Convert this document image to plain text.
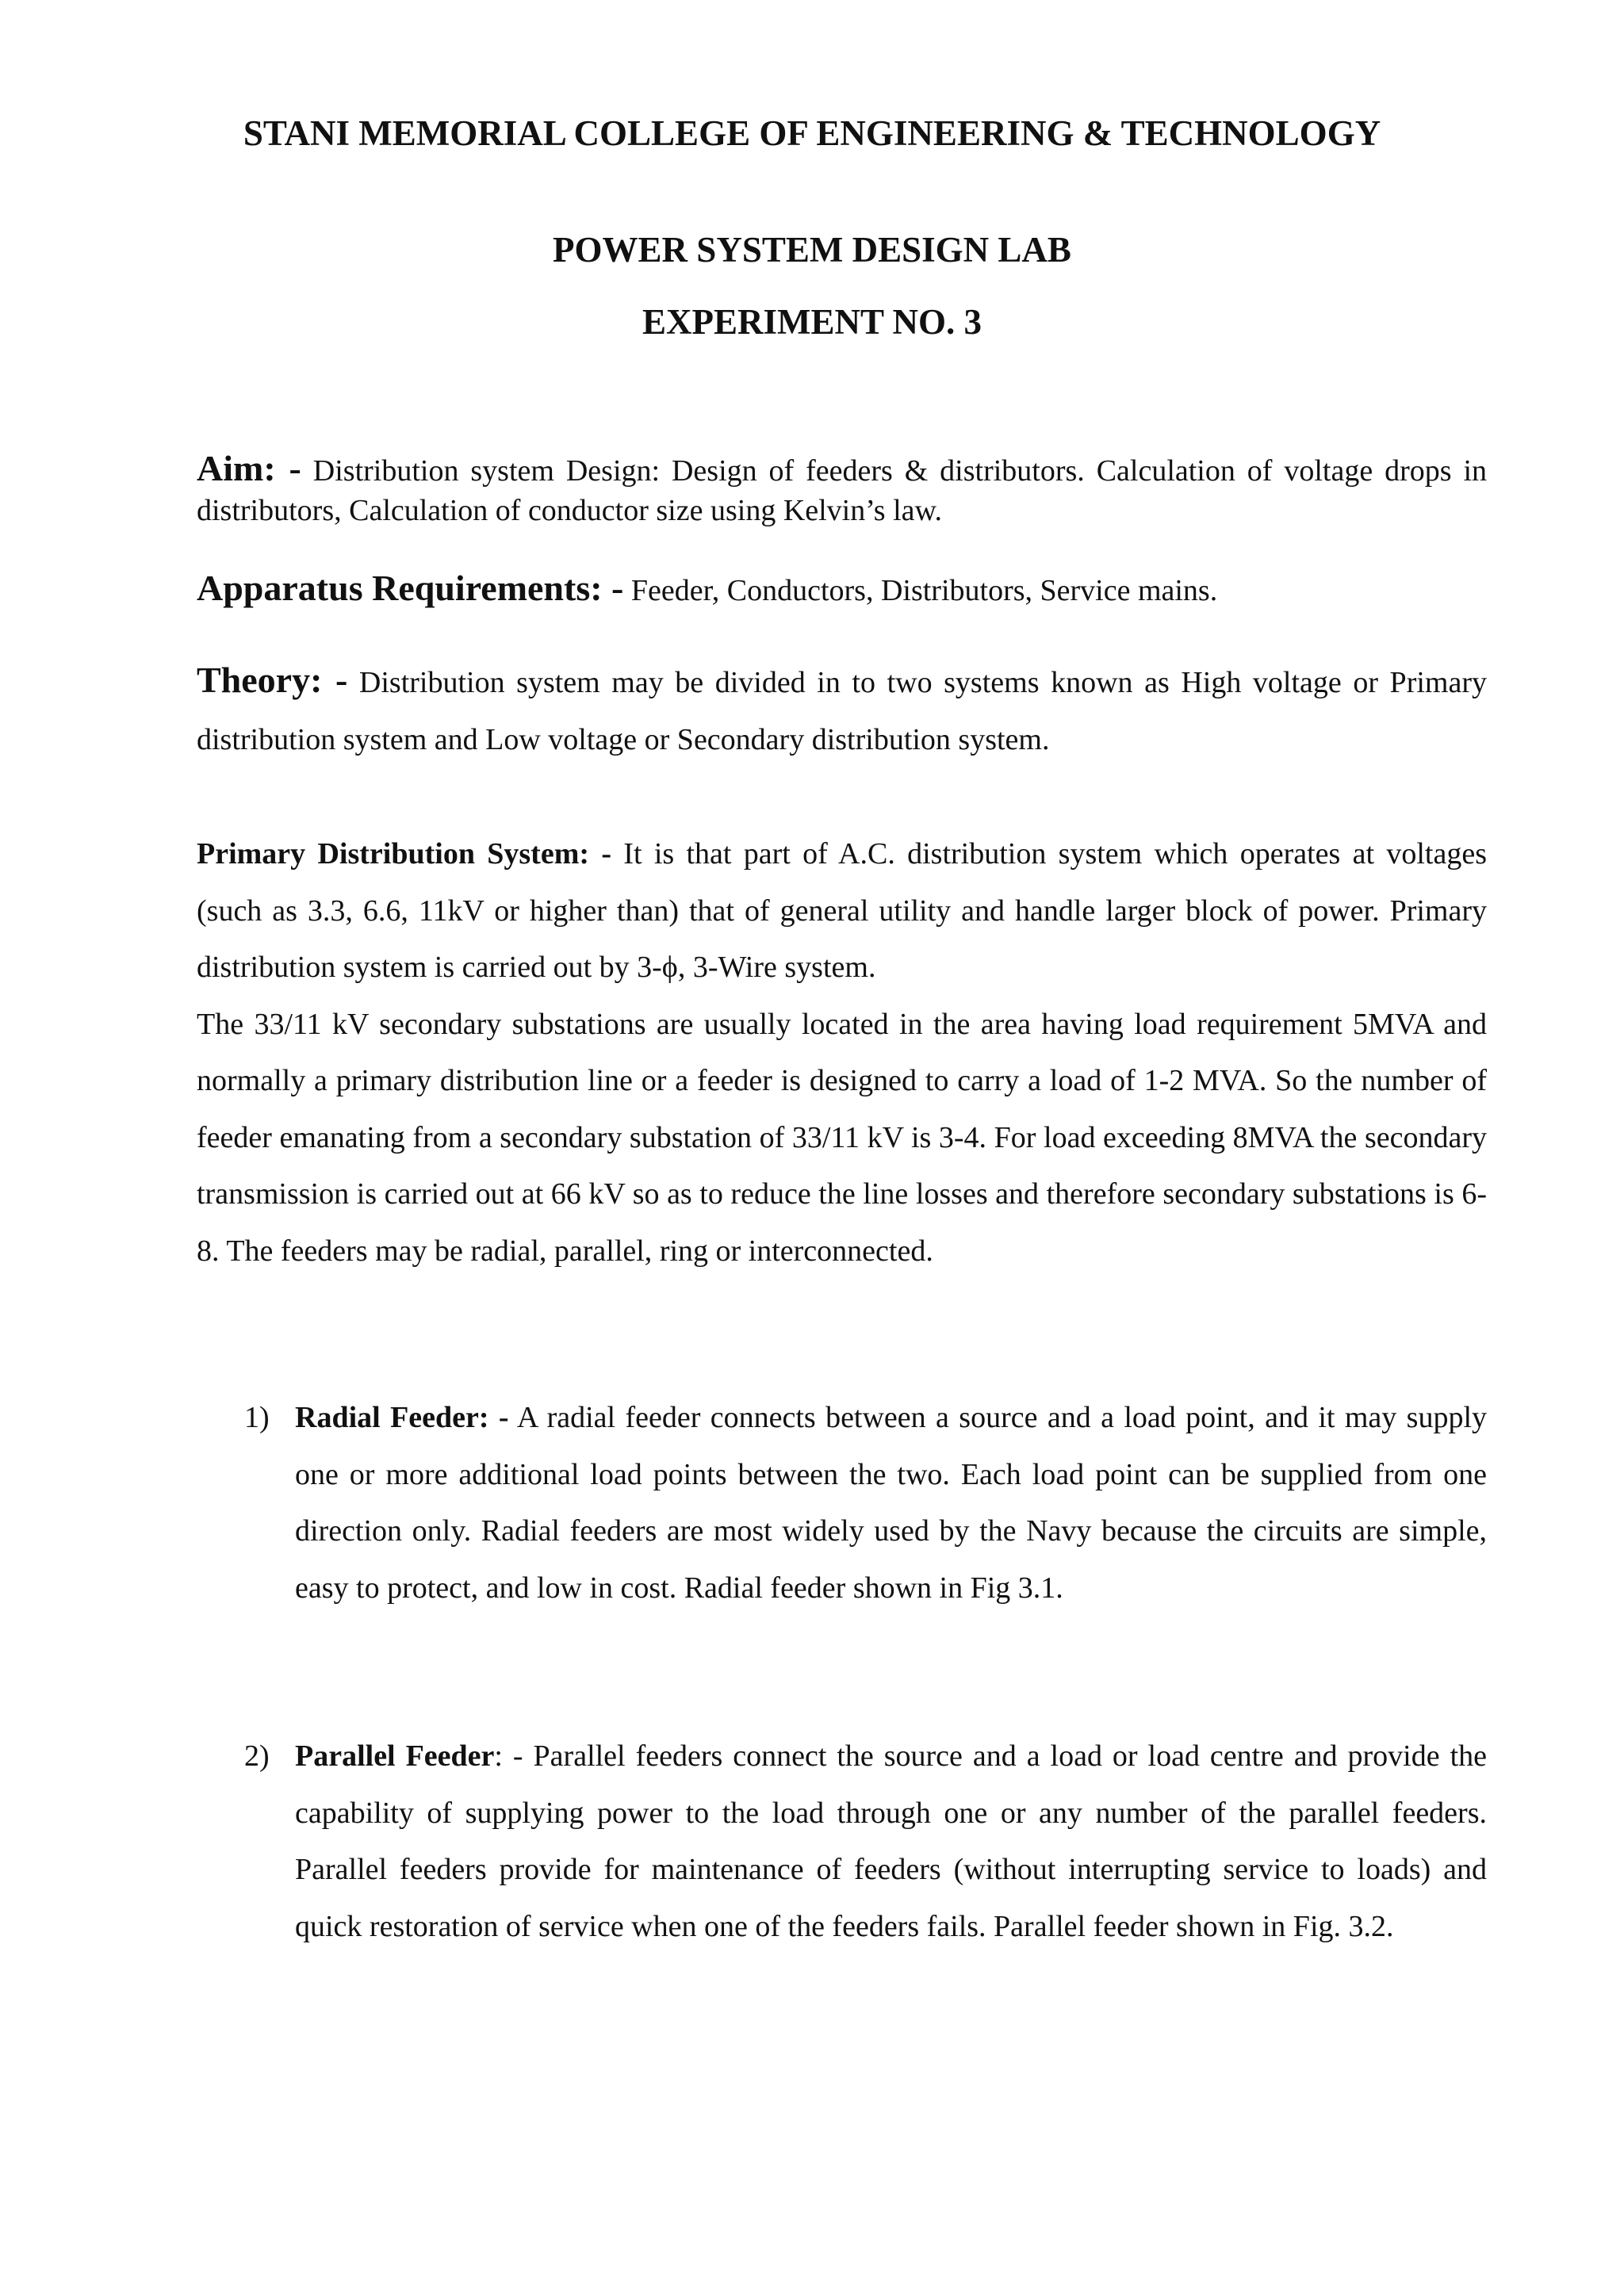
STANI MEMORIAL COLLEGE OF ENGINEERING & TECHNOLOGY
POWER SYSTEM DESIGN LAB
EXPERIMENT NO. 3

Aim: - Distribution system Design: Design of feeders & distributors. Calculation of voltage drops in distributors, Calculation of conductor size using Kelvin’s law.

Apparatus Requirements: - Feeder, Conductors, Distributors, Service mains.

Theory: - Distribution system may be divided in to two systems known as High voltage or Primary distribution system and Low voltage or Secondary distribution system.

Primary Distribution System: - It is that part of A.C. distribution system which operates at voltages (such as 3.3, 6.6, 11kV or higher than) that of general utility and handle larger block of power. Primary distribution system is carried out by 3-ϕ, 3-Wire system.
The 33/11 kV secondary substations are usually located in the area having load requirement 5MVA and normally a primary distribution line or a feeder is designed to carry a load of 1-2 MVA. So the number of feeder emanating from a secondary substation of 33/11 kV is 3-4. For load exceeding 8MVA the secondary transmission is carried out at 66 kV so as to reduce the line losses and therefore secondary substations is 6-8. The feeders may be radial, parallel, ring or interconnected.
1) Radial Feeder: - A radial feeder connects between a source and a load point, and it may supply one or more additional load points between the two. Each load point can be supplied from one direction only. Radial feeders are most widely used by the Navy because the circuits are simple, easy to protect, and low in cost. Radial feeder shown in Fig 3.1.
2) Parallel Feeder: - Parallel feeders connect the source and a load or load centre and provide the capability of supplying power to the load through one or any number of the parallel feeders. Parallel feeders provide for maintenance of feeders (without interrupting service to loads) and quick restoration of service when one of the feeders fails. Parallel feeder shown in Fig. 3.2.
